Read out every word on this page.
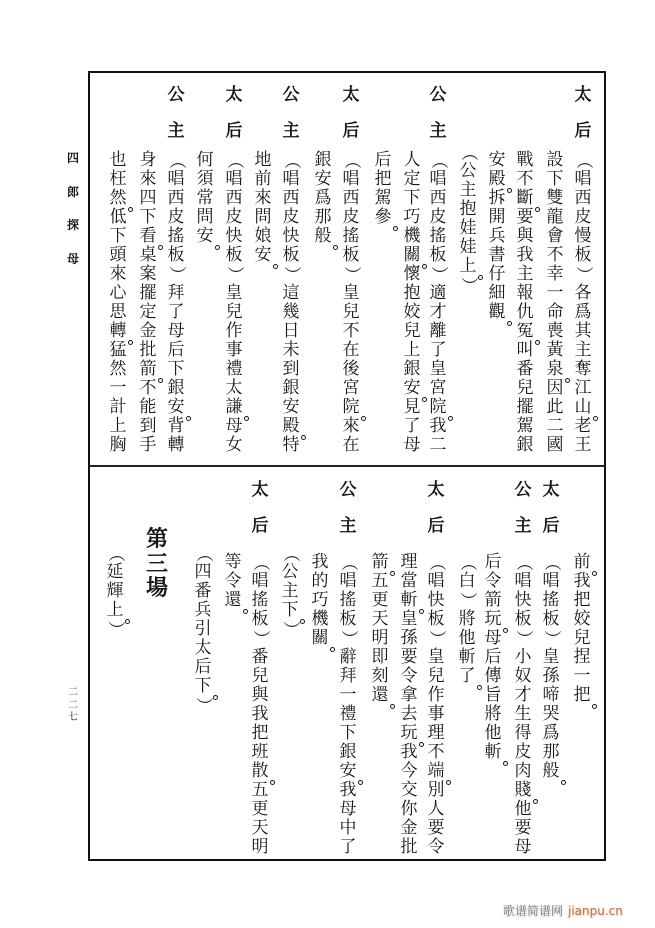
四
郎
探
母
二
二
七
太
后
（
唱
西
皮
慢
板
）
各
爲
其
主
奪
江
山
老
王
設
下
雙
龍
會
不
幸
一
命
喪
黃
泉
因
此
二
國
戰
不
斷
要
與
我
主
報
仇
冤
叫
番
兒
擺
駕
銀
安
殿
拆
開
兵
書
仔
細
觀
（
公
主
抱
娃
娃
上
）
公
主
（
唱
西
皮
搖
板
）
適
才
離
了
皇
宮
院
我
二
人
定
下
巧
機
關
懷
抱
姣
兒
上
銀
安
見
了
母
后
把
駕
參
太
后
（
唱
西
皮
搖
板
）
皇
兒
不
在
後
宮
院
來
在
銀
安
爲
那
般
公
主
（
唱
西
皮
快
板
）
這
幾
日
未
到
銀
安
殿
特
地
前
來
問
娘
安
太
后
（
唱
西
皮
快
板
）
皇
兒
作
事
禮
太
謙
母
女
何
須
常
問
安
公
主
（
唱
西
皮
搖
板
）
拜
了
母
后
下
銀
安
背
轉
身
來
四
下
看
桌
案
擺
定
金
批
箭
不
能
到
手
也
枉
然
低
下
頭
來
心
思
轉
猛
然
一
計
上
胸
前
我
把
姣
兒
捏
一
把
太
后
（
唱
搖
板
）
皇
孫
啼
哭
爲
那
般
公
主
（
唱
快
板
）
小
奴
才
生
得
皮
肉
賤
他
要
母
后
令
箭
玩
母
后
傳
旨
將
他
斬
（
白
）
將
他
斬
了
太
后
（
唱
快
板
）
皇
兒
作
事
理
不
端
別
人
要
令
理
當
斬
皇
孫
要
令
拿
去
玩
我
今
交
你
金
批
箭
五
更
天
明
即
刻
還
公
主
（
唱
搖
板
）
辭
拜
一
禮
下
銀
安
我
母
中
了
我
的
巧
機
關
（
公
主
下
）
太
后
（
唱
搖
板
）
番
兒
與
我
把
班
散
五
更
天
明
等
令
還
（
四
番
兵
引
太
后
下
）
第
三
場
（
延
輝
上
）
歌谱简谱网 jianpu.cn
